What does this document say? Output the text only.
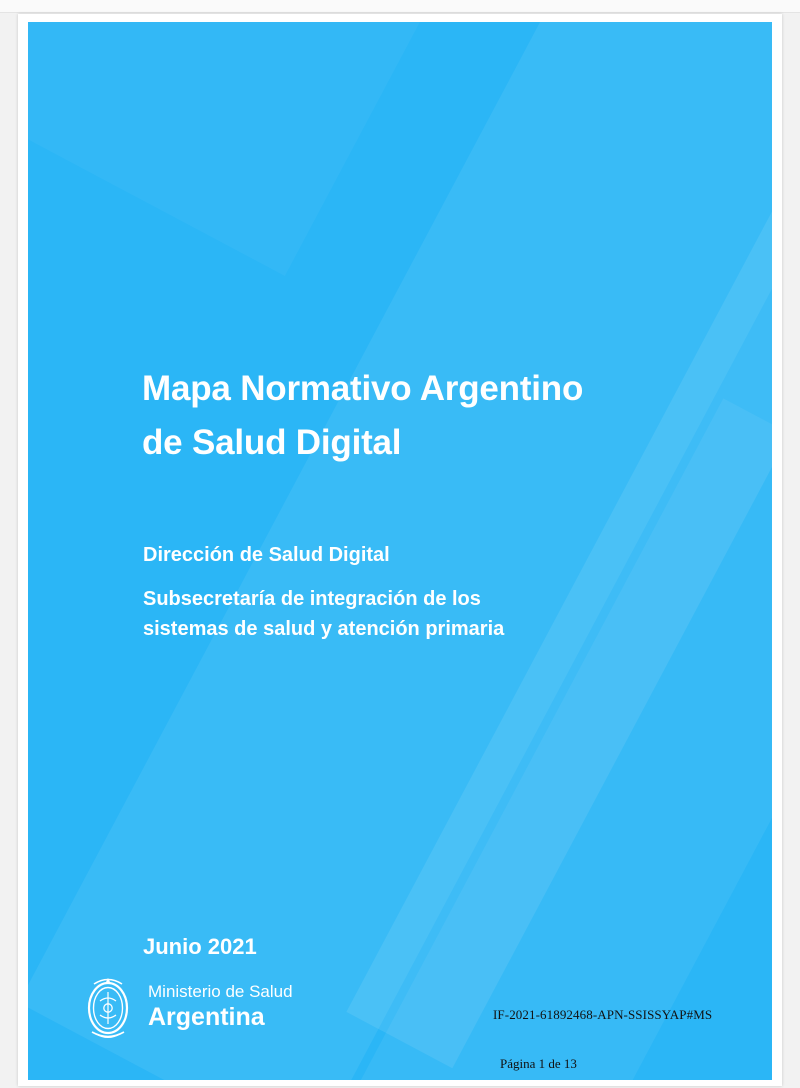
Mapa Normativo Argentino
de Salud Digital
Dirección de Salud Digital
Subsecretaría de integración de los
sistemas de salud y atención primaria
Junio 2021
Ministerio de Salud
Argentina	IF-2021-61892468-APN-SSISSYAP#MS
Página 1 de 13
